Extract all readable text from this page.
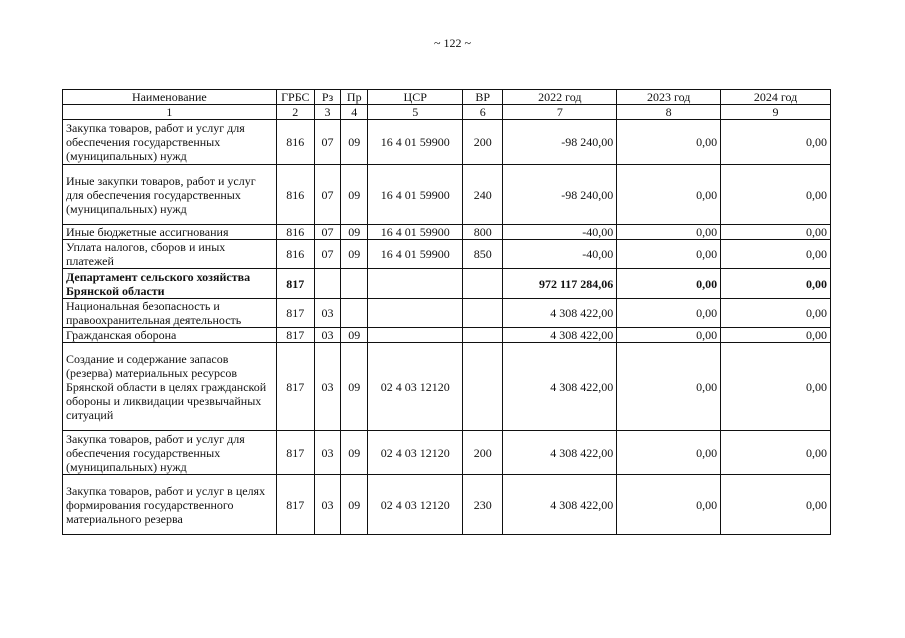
~ 122 ~
Наименование	ГРБС	Рз	Пр	ЦСР	ВР	2022 год	2023 год	2024 год
1	2	3	4	5	6	7	8	9
Закупка товаров, работ и услуг для обеспечения государственных (муниципальных) нужд	816	07	09	16 4 01 59900	200	-98 240,00	0,00	0,00
Иные закупки товаров, работ и услуг для обеспечения государственных (муниципальных) нужд	816	07	09	16 4 01 59900	240	-98 240,00	0,00	0,00
Иные бюджетные ассигнования	816	07	09	16 4 01 59900	800	-40,00	0,00	0,00
Уплата налогов, сборов и иных платежей	816	07	09	16 4 01 59900	850	-40,00	0,00	0,00
Департамент сельского хозяйства Брянской области	817					972 117 284,06	0,00	0,00
Национальная безопасность и правоохранительная деятельность	817	03				4 308 422,00	0,00	0,00
Гражданская оборона	817	03	09			4 308 422,00	0,00	0,00
Создание и содержание запасов (резерва) материальных ресурсов Брянской области в целях гражданской обороны и ликвидации чрезвычайных ситуаций	817	03	09	02 4 03 12120		4 308 422,00	0,00	0,00
Закупка товаров, работ и услуг для обеспечения государственных (муниципальных) нужд	817	03	09	02 4 03 12120	200	4 308 422,00	0,00	0,00
Закупка товаров, работ и услуг в целях формирования государственного материального резерва	817	03	09	02 4 03 12120	230	4 308 422,00	0,00	0,00
